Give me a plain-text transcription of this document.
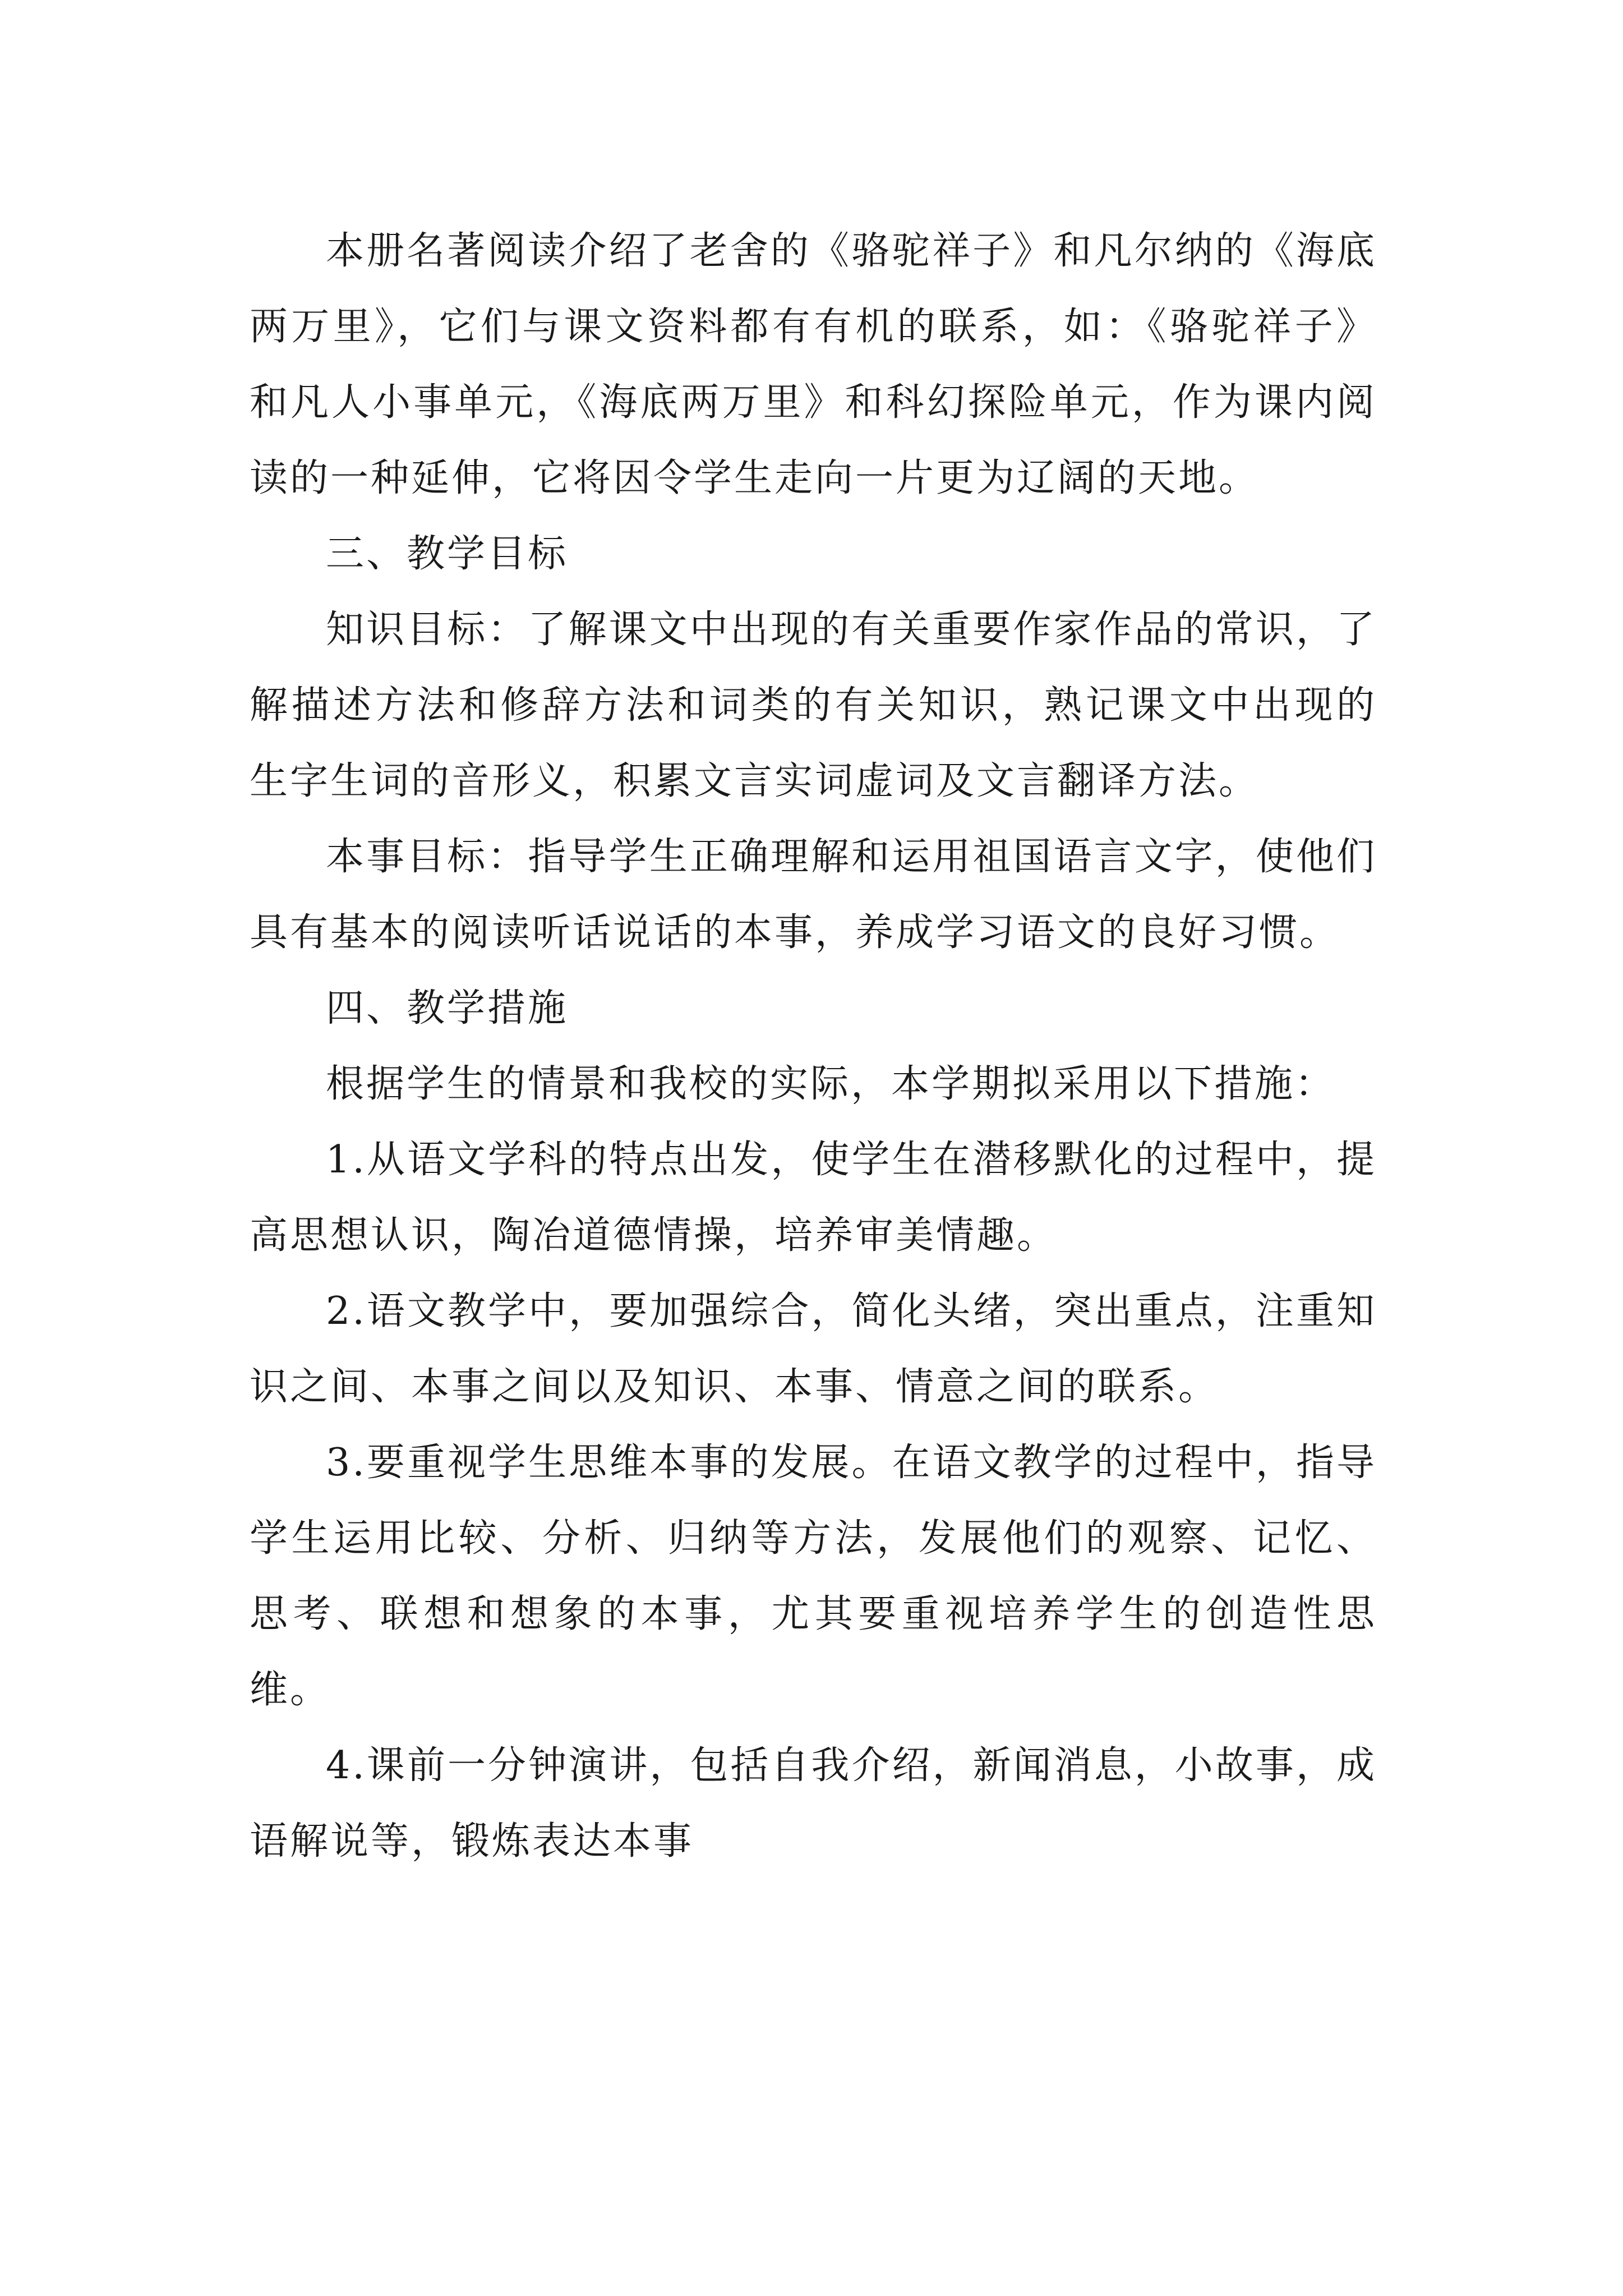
本册名著阅读介绍了老舍的《骆驼祥子》和凡尔纳的《海底两万里》，它们与课文资料都有有机的联系，如：《骆驼祥子》和凡人小事单元，《海底两万里》和科幻探险单元，作为课内阅读的一种延伸，它将因令学生走向一片更为辽阔的天地。

三、教学目标

知识目标：了解课文中出现的有关重要作家作品的常识，了解描述方法和修辞方法和词类的有关知识，熟记课文中出现的生字生词的音形义，积累文言实词虚词及文言翻译方法。

本事目标：指导学生正确理解和运用祖国语言文字，使他们具有基本的阅读听话说话的本事，养成学习语文的良好习惯。

四、教学措施

根据学生的情景和我校的实际，本学期拟采用以下措施：

1.从语文学科的特点出发，使学生在潜移默化的过程中，提高思想认识，陶冶道德情操，培养审美情趣。

2.语文教学中，要加强综合，简化头绪，突出重点，注重知识之间、本事之间以及知识、本事、情意之间的联系。

3.要重视学生思维本事的发展。在语文教学的过程中，指导学生运用比较、分析、归纳等方法，发展他们的观察、记忆、思考、联想和想象的本事，尤其要重视培养学生的创造性思维。

4.课前一分钟演讲，包括自我介绍，新闻消息，小故事，成语解说等，锻炼表达本事
